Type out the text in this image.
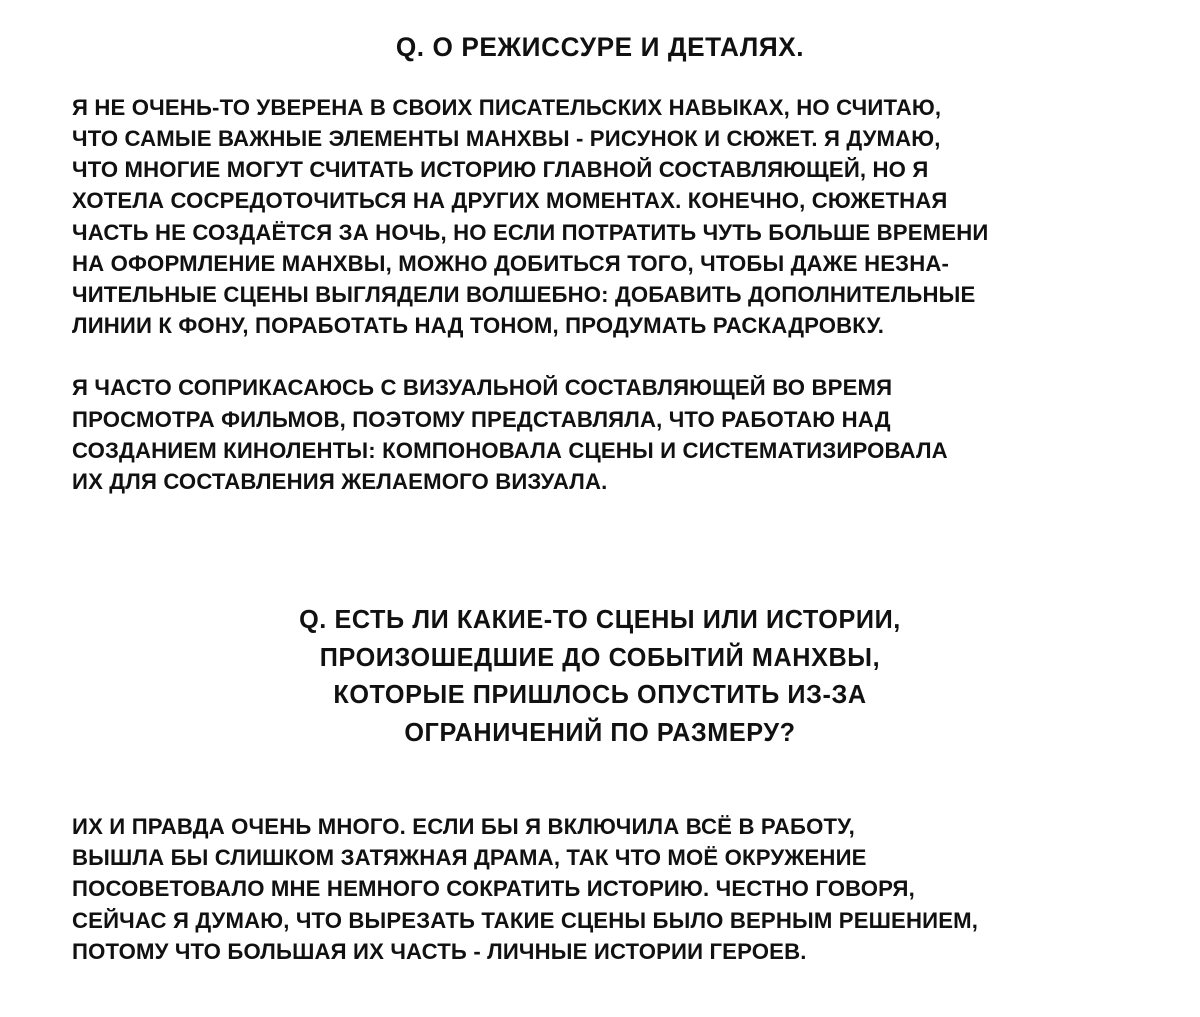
Q. О РЕЖИССУРЕ И ДЕТАЛЯХ.
Я НЕ ОЧЕНЬ-ТО УВЕРЕНА В СВОИХ ПИСАТЕЛЬСКИХ НАВЫКАХ, НО СЧИТАЮ,
ЧТО САМЫЕ ВАЖНЫЕ ЭЛЕМЕНТЫ МАНХВЫ - РИСУНОК И СЮЖЕТ. Я ДУМАЮ,
ЧТО МНОГИЕ МОГУТ СЧИТАТЬ ИСТОРИЮ ГЛАВНОЙ СОСТАВЛЯЮЩЕЙ, НО Я
ХОТЕЛА СОСРЕДОТОЧИТЬСЯ НА ДРУГИХ МОМЕНТАХ. КОНЕЧНО, СЮЖЕТНАЯ
ЧАСТЬ НЕ СОЗДАЁТСЯ ЗА НОЧЬ, НО ЕСЛИ ПОТРАТИТЬ ЧУТЬ БОЛЬШЕ ВРЕМЕНИ
НА ОФОРМЛЕНИЕ МАНХВЫ, МОЖНО ДОБИТЬСЯ ТОГО, ЧТОБЫ ДАЖЕ НЕЗНА-
ЧИТЕЛЬНЫЕ СЦЕНЫ ВЫГЛЯДЕЛИ ВОЛШЕБНО: ДОБАВИТЬ ДОПОЛНИТЕЛЬНЫЕ
ЛИНИИ К ФОНУ, ПОРАБОТАТЬ НАД ТОНОМ, ПРОДУМАТЬ РАСКАДРОВКУ.
Я ЧАСТО СОПРИКАСАЮСЬ С ВИЗУАЛЬНОЙ СОСТАВЛЯЮЩЕЙ ВО ВРЕМЯ
ПРОСМОТРА ФИЛЬМОВ, ПОЭТОМУ ПРЕДСТАВЛЯЛА, ЧТО РАБОТАЮ НАД
СОЗДАНИЕМ КИНОЛЕНТЫ: КОМПОНОВАЛА СЦЕНЫ И СИСТЕМАТИЗИРОВАЛА
ИХ ДЛЯ СОСТАВЛЕНИЯ ЖЕЛАЕМОГО ВИЗУАЛА.
Q. ЕСТЬ ЛИ КАКИЕ-ТО СЦЕНЫ ИЛИ ИСТОРИИ,
ПРОИЗОШЕДШИЕ ДО СОБЫТИЙ МАНХВЫ,
КОТОРЫЕ ПРИШЛОСЬ ОПУСТИТЬ ИЗ-ЗА
ОГРАНИЧЕНИЙ ПО РАЗМЕРУ?
ИХ И ПРАВДА ОЧЕНЬ МНОГО. ЕСЛИ БЫ Я ВКЛЮЧИЛА ВСЁ В РАБОТУ,
ВЫШЛА БЫ СЛИШКОМ ЗАТЯЖНАЯ ДРАМА, ТАК ЧТО МОЁ ОКРУЖЕНИЕ
ПОСОВЕТОВАЛО МНЕ НЕМНОГО СОКРАТИТЬ ИСТОРИЮ. ЧЕСТНО ГОВОРЯ,
СЕЙЧАС Я ДУМАЮ, ЧТО ВЫРЕЗАТЬ ТАКИЕ СЦЕНЫ БЫЛО ВЕРНЫМ РЕШЕНИЕМ,
ПОТОМУ ЧТО БОЛЬШАЯ ИХ ЧАСТЬ - ЛИЧНЫЕ ИСТОРИИ ГЕРОЕВ.
